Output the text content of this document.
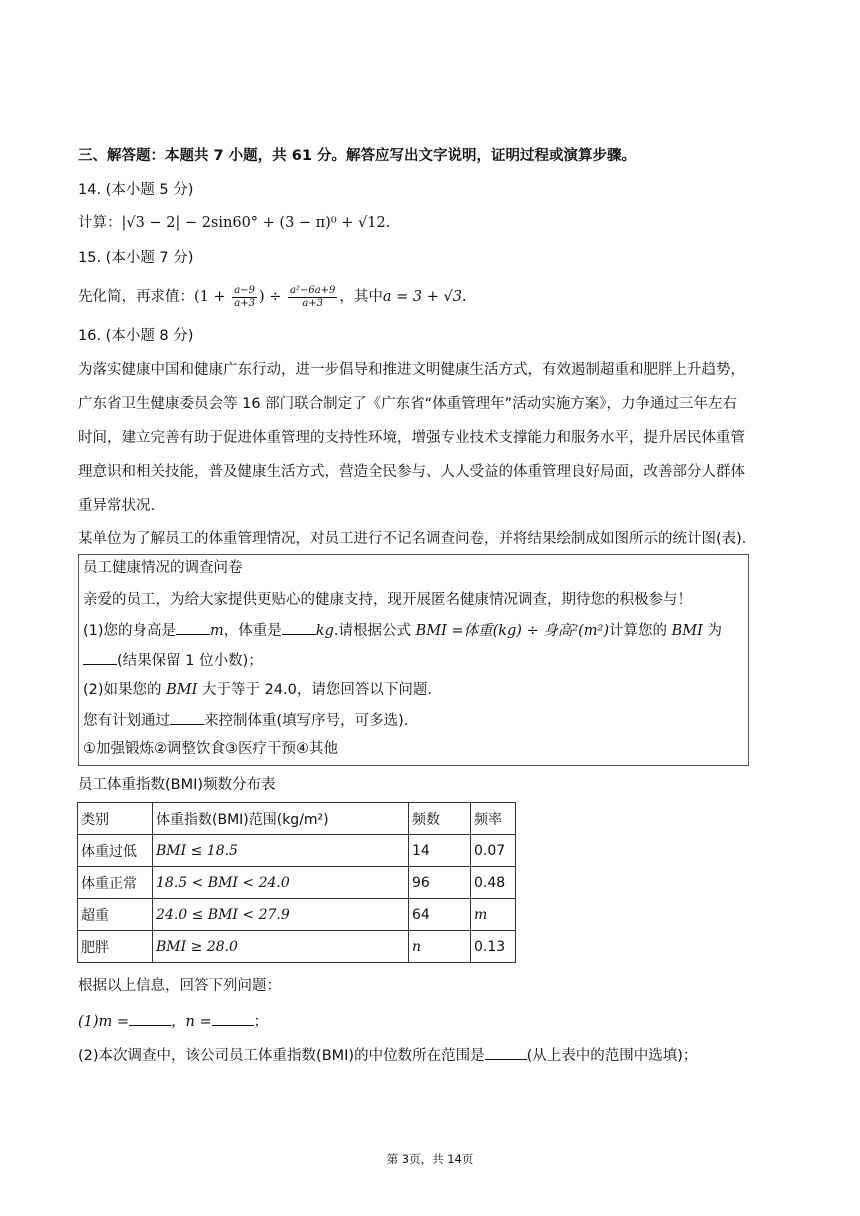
三、解答题：本题共 7 小题，共 61 分。解答应写出文字说明，证明过程或演算步骤。
14. (本小题 5 分)
计算：|√3 − 2| − 2sin60° + (3 − π)⁰ + √12.
15. (本小题 7 分)
先化简，再求值：($1 + \frac{a-9}{a+3}$ ) ÷ $\frac{\text{a²−6a+9}}{a+3}$ ，其中a = 3 + √3.
16. (本小题 8 分)
为落实健康中国和健康广东行动，进一步倡导和推进文明健康生活方式，有效遏制超重和肥胖上升趋势，
广东省卫生健康委员会等 16 部门联合制定了《广东省“体重管理年”活动实施方案》，力争通过三年左右
时间，建立完善有助于促进体重管理的支持性环境，增强专业技术支撑能力和服务水平，提升居民体重管
理意识和相关技能，普及健康生活方式，营造全民参与、人人受益的体重管理良好局面，改善部分人群体
重异常状况．
某单位为了解员工的体重管理情况，对员工进行不记名调查问卷，并将结果绘制成如图所示的统计图(表)．
员工健康情况的调查问卷
亲爱的员工，为给大家提供更贴心的健康支持，现开展匿名健康情况调查，期待您的积极参与！
(1)您的身高是 m，体重是 kg.请根据公式 BMI =体重(kg) ÷ 身高²(m²)计算您的 BMI 为
(结果保留 1 位小数)；
(2)如果您的 BMI 大于等于 24.0，请您回答以下问题．
您有计划通过 来控制体重(填写序号，可多选)．
①加强锻炼②调整饮食③医疗干预④其他
员工体重指数(BMI)频数分布表
类别	体重指数(BMI)范围(kg/m²)	频数	频率
体重过低	BMI ≤ 18.5	14	0.07
体重正常	18.5 < BMI < 24.0	96	0.48
超重	24.0 ≤ BMI < 27.9	64	m
肥胖	BMI ≥ 28.0	n	0.13
根据以上信息，回答下列问题：
(1)m =	，n =	；
(2)本次调查中，该公司员工体重指数(BMI)的中位数所在范围是	(从上表中的范围中选填)；
第 3页，共 14页
